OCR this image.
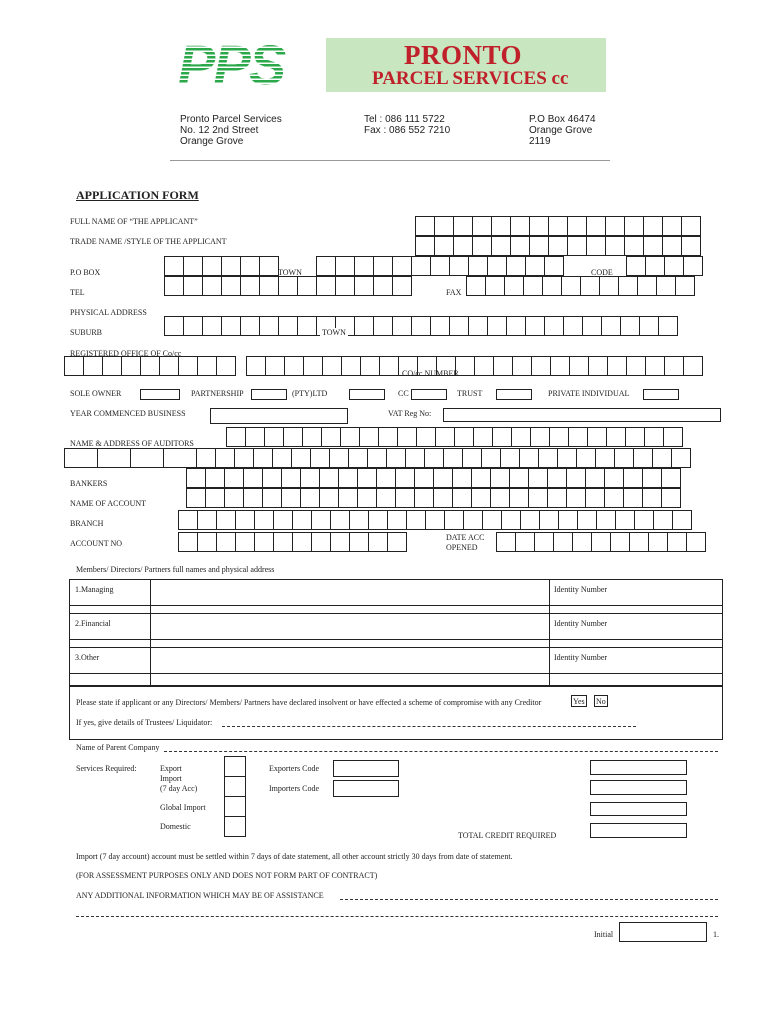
PPS	PRONTO
PARCEL SERVICES cc
Pronto Parcel Services
No. 12 2nd Street
Orange Grove
Tel : 086 111 5722
Fax : 086 552 7210
P.O Box 46474
Orange Grove
2119
APPLICATION FORM
FULL NAME OF “THE APPLICANT”
TRADE NAME /STYLE OF THE APPLICANT
P.O BOX	TOWN	CODE
TEL	FAX
PHYSICAL ADDRESS
SUBURB	TOWN
REGISTERED OFFICE OF Co/cc
CO/cc NUMBER
SOLE OWNER	PARTNERSHIP	(PTY)LTD	CC	TRUST	PRIVATE INDIVIDUAL
YEAR COMMENCED BUSINESS	VAT Reg No:
NAME & ADDRESS OF AUDITORS
BANKERS
NAME OF ACCOUNT
BRANCH
ACCOUNT NO
DATE ACC
OPENED
Members/ Directors/ Partners full names and physical address
1.Managing	Identity Number
2.Financial	Identity Number
3.Other	Identity Number
Please state if applicant or any Directors/ Members/ Partners have declared insolvent or have effected a scheme of compromise with any Creditor	Yes No
If yes, give details of Trustees/ Liquidator:
Name of Parent Company
Services Required:	Export
Import
(7 day Acc)
Global Import
Domestic
Exporters Code
Importers Code
TOTAL CREDIT REQUIRED
Import (7 day account) account must be settled within 7 days of date statement, all other account strictly 30 days from date of statement.
(FOR ASSESSMENT PURPOSES ONLY AND DOES NOT FORM PART OF CONTRACT)
ANY ADDITIONAL INFORMATION WHICH MAY BE OF ASSISTANCE
Initial	1.
